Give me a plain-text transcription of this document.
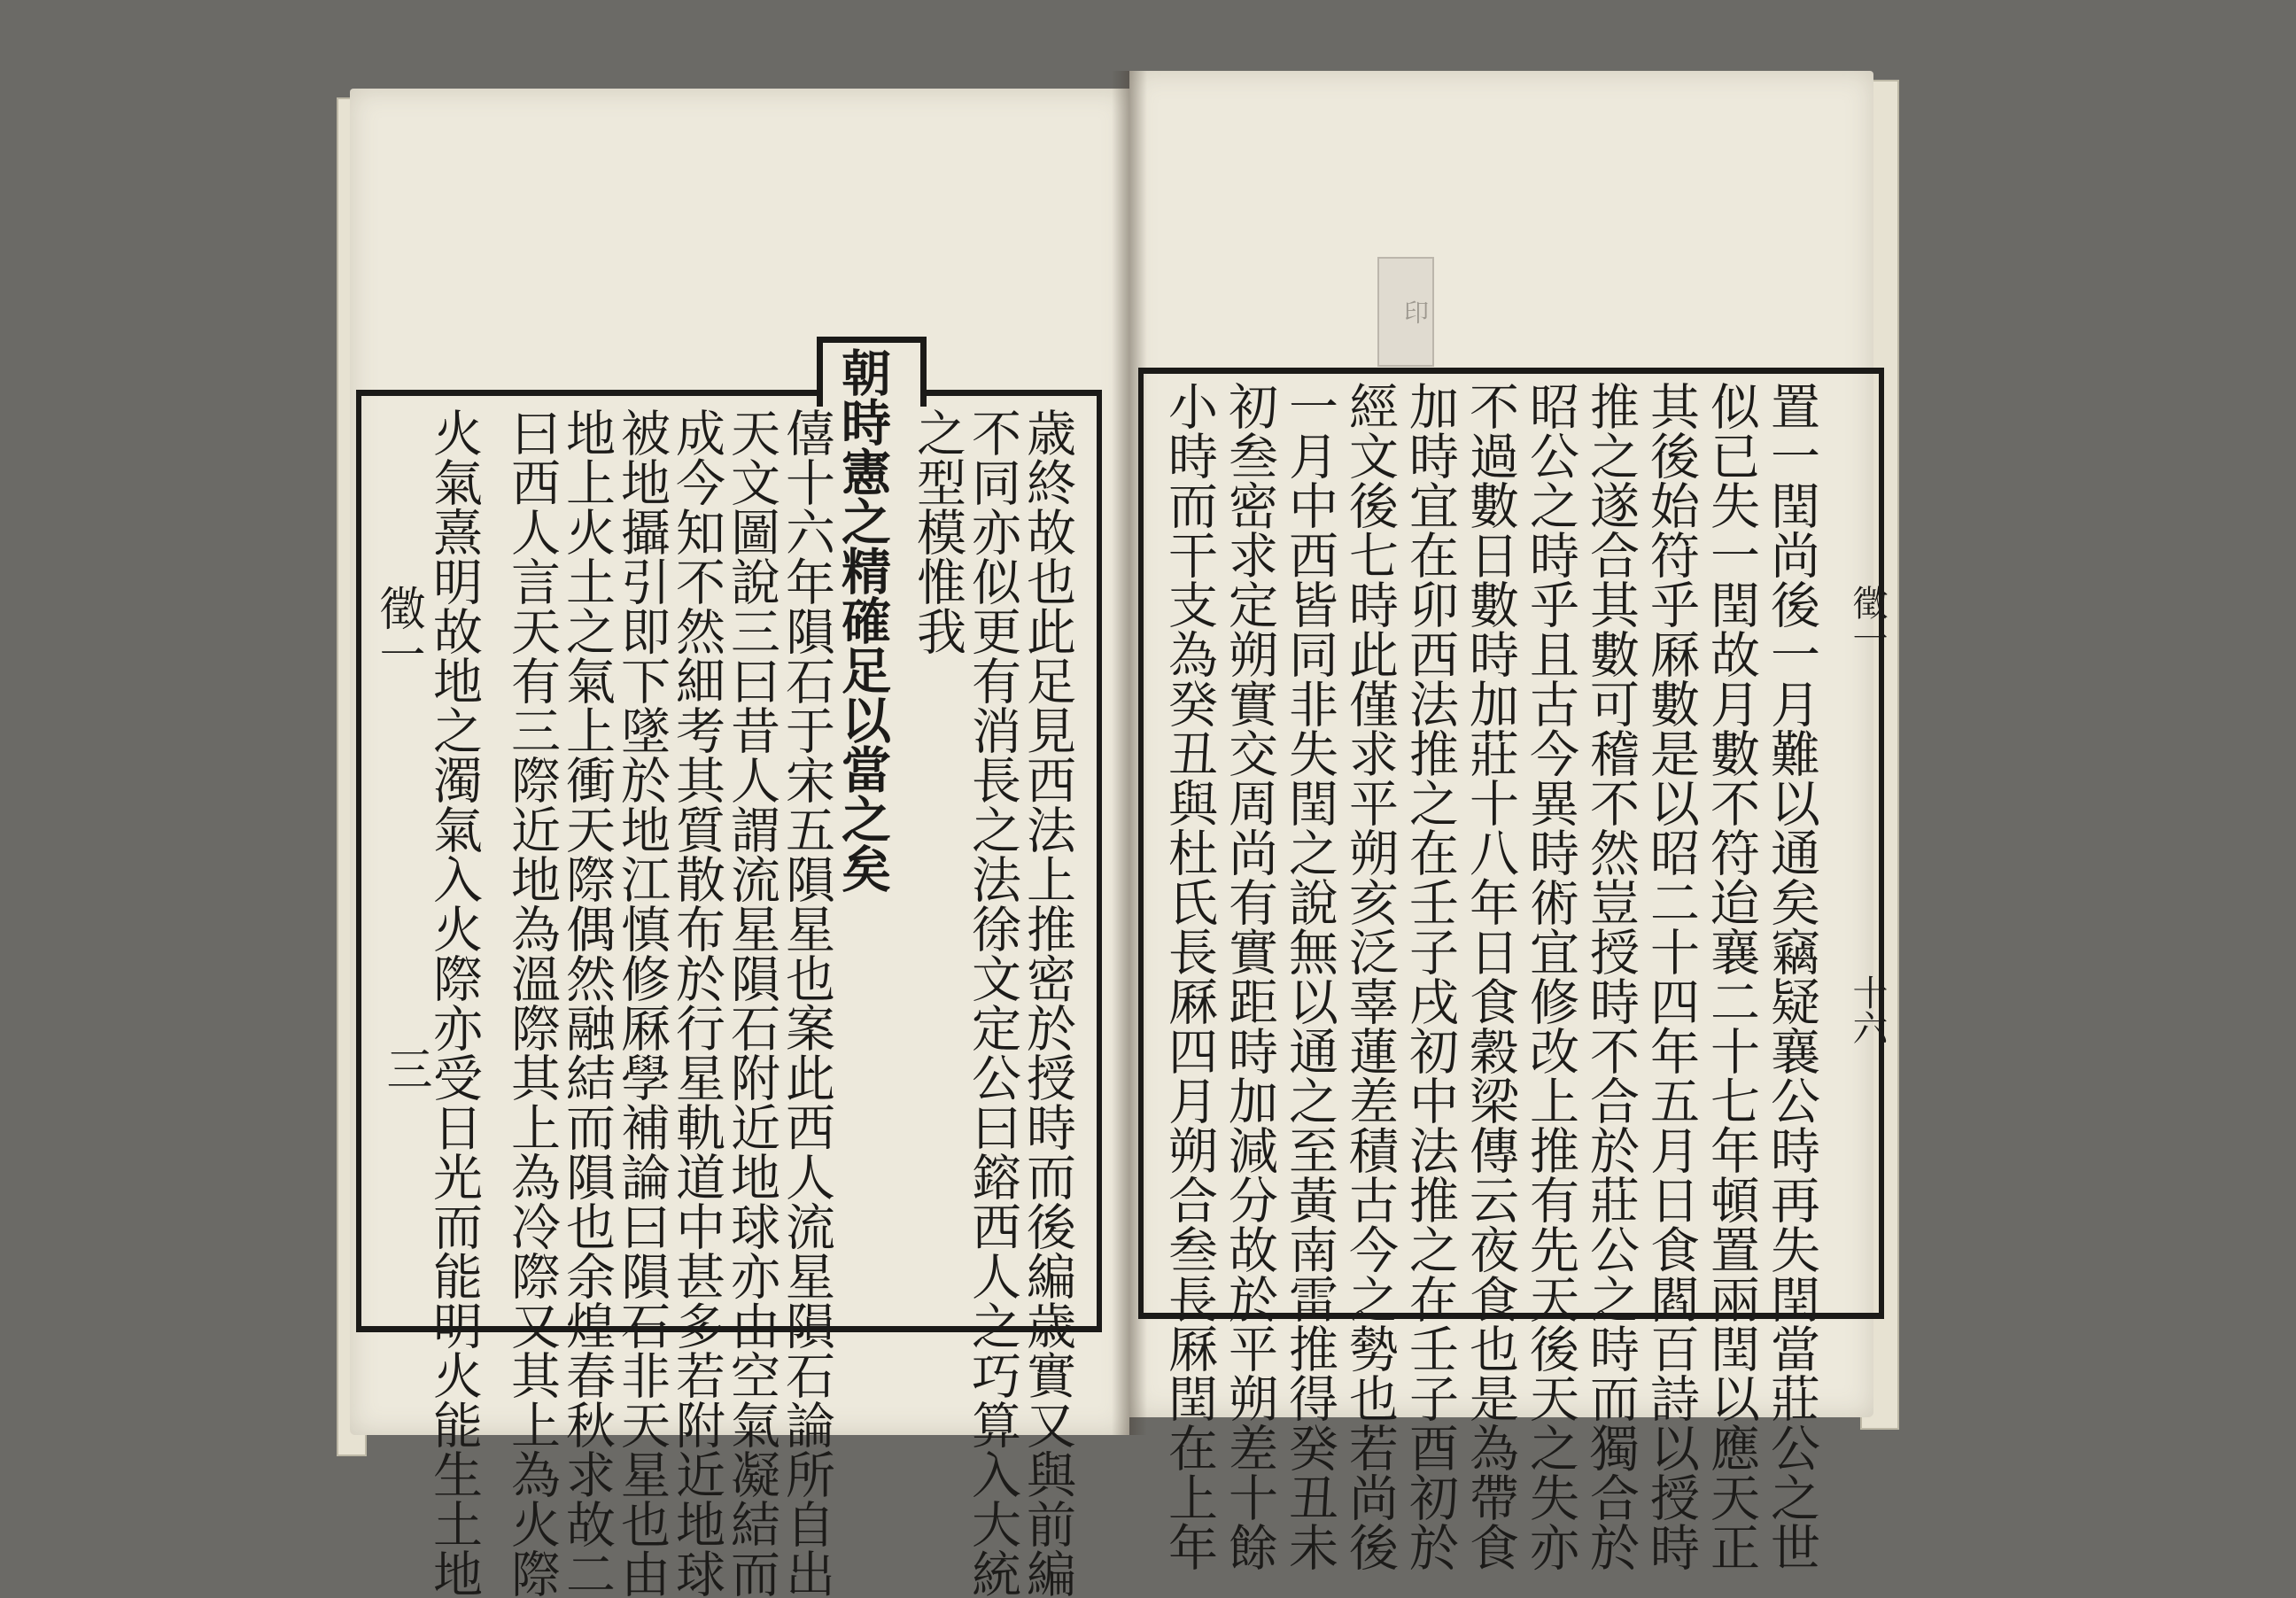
印
歳終故也此足見西法上推密於授時而後編歳實又與前編
不同亦似更有消長之法徐文定公曰鎔西人之巧算入大統
之型模惟我
朝時憲之精確足以當之矣
僖十六年隕石于宋五隕星也案此西人流星隕石論所自出
天文圖說三曰昔人謂流星隕石附近地球亦由空氣凝結而
成今知不然細考其質散布於行星軌道中甚多若附近地球
被地攝引即下墜於地江慎修厤學補論曰隕石非天星也由
地上火土之氣上衝天際偶然融結而隕也余煌春秋求故二
曰西人言天有三際近地為溫際其上為冷際又其上為火際
火氣熹明故地之濁氣入火際亦受日光而能明火能生土地
徵一
三	置一閏尚後一月難以通矣竊疑襄公時再失閏當莊公之世
似已失一閏故月數不符迨襄二十七年頓置兩閏以應天正
其後始符乎厤數是以昭二十四年五月日食閻百詩以授時
推之遂合其數可稽不然豈授時不合於莊公之時而獨合於
昭公之時乎且古今異時術宜修改上推有先天後天之失亦
不過數日數時加莊十八年日食穀梁傳云夜食也是為帶食
加時宜在卯西法推之在壬子戌初中法推之在壬子酉初於
經文後七時此僅求平朔亥泛辜蓮差積古今之勢也若尚後
一月中西皆同非失閏之說無以通之至黃南雷推得癸丑未
初叁密求定朔實交周尚有實距時加減分故於平朔差十餘
小時而干支為癸丑與杜氏長厤四月朔合叁長厤閏在上年	徵一
十六
